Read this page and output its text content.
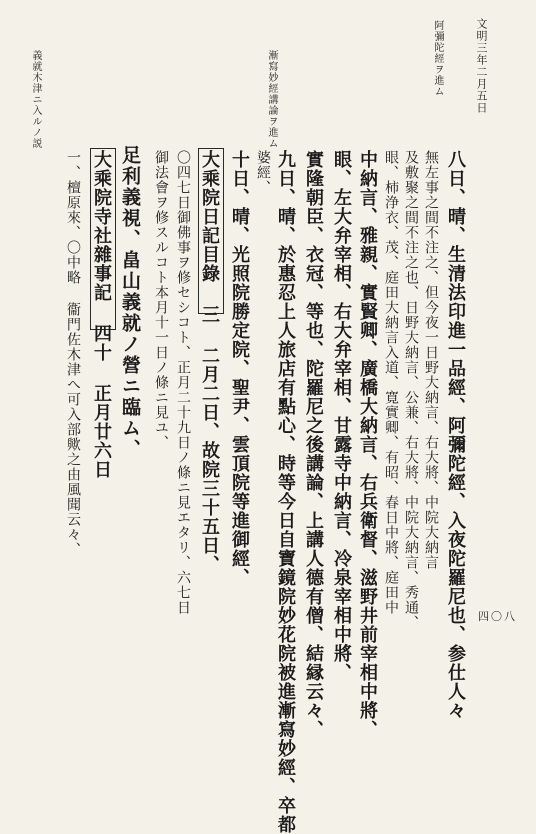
文明三年二月五日
四〇八
阿彌陀經ヲ進ム
漸寫妙經講論ヲ進ム
義就木津ニ入ルノ説
八日、晴、生清法印進一品經、阿彌陀經、入夜陀羅尼也、参仕人々
無左事之間不注之、但今夜一日野大納言、右大將、中院大納言
及敷聚之間不注之也、日野大納言、公兼、右大將、中院大納言、秀通、
眼、柿浄衣、茂、庭田大納言入道、寛實卿、有昭、春日中將、庭田中
中納言、雅親、實賢卿、廣橋大納言、右兵衛督、滋野井前宰相中將、
眼、左大弁宰相、右大弁宰相、甘露寺中納言、冷泉宰相中將、
實隆朝臣、衣冠、等也、陀羅尼之後講論、上講人德有僧、結縁云々、
九日、晴、於惠忍上人旅店有點心、時等今日自寶鏡院妙花院被進漸寫妙經、卒都
婆經、
十日、晴、光照院勝定院、聖尹、雲頂院等進御經、
大乘院日記目錄 三 二月二日、故院三十五日、
〇四七日御佛事ヲ修セシコト、正月二十九日ノ條ニ見エタリ、六七日
御法會ヲ修スルコト本月十一日ノ條ニ見ユ、
足利義視、畠山義就ノ營ニ臨ム、
大乘院寺社雜事記 四十 正月廿六日
一、檀原來、〇中略 衞門佐木津へ可入部歟之由風聞云々、
